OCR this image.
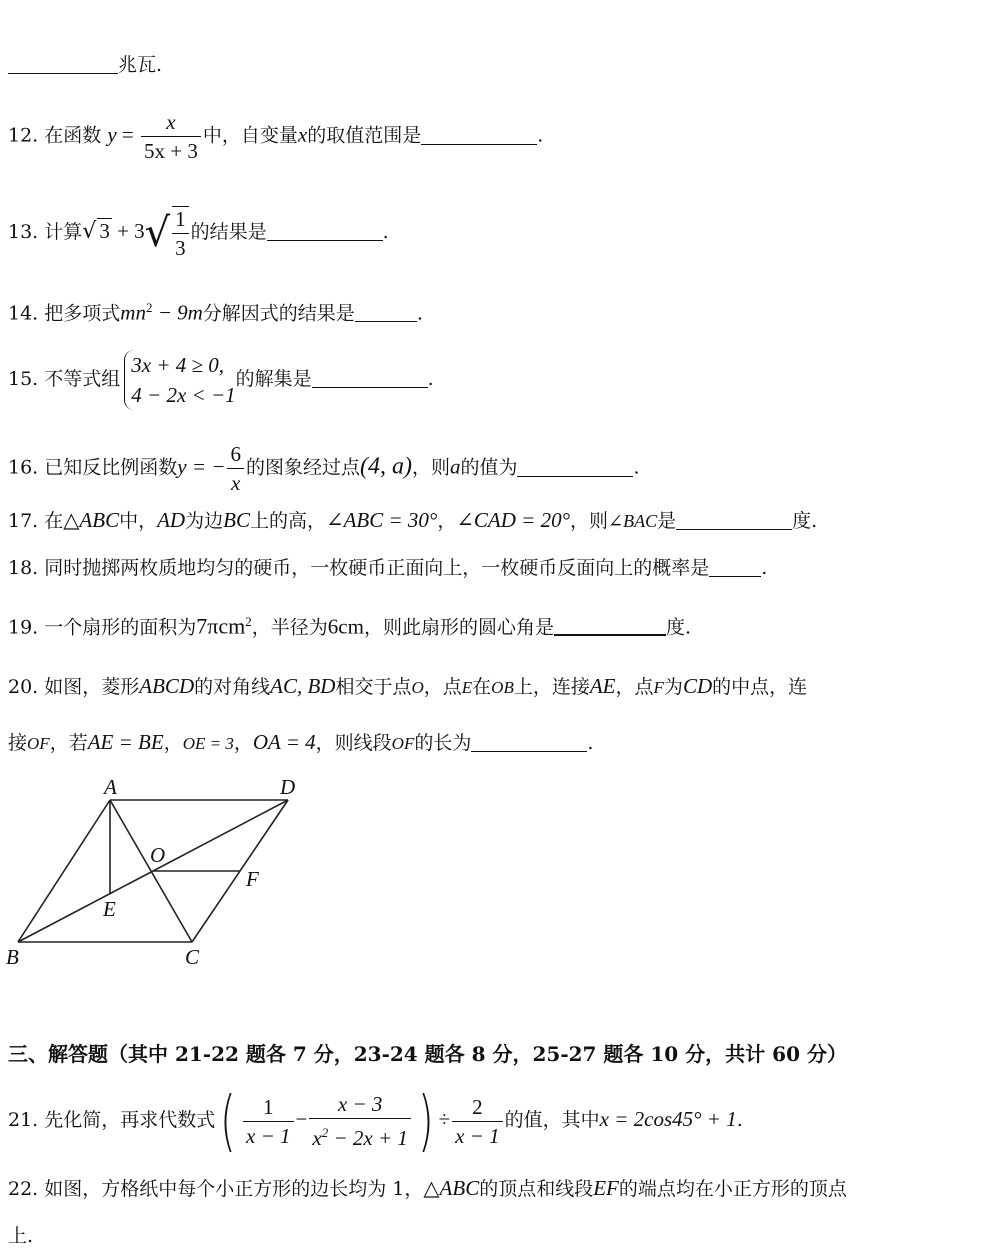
兆瓦.
12. 在函数 $y = \frac{x}{5x + 3}$ 中，自变量x的取值范围是	.
13. 计算√ $3 + 3√ \frac{1}{3}$ 的结果是	.
14. 把多项式$mn^2 - 9m$分解因式的结果是	.
15. 不等式组
3x + 4 ≥ 0,
4 − 2x < −1
的解集是	.
16. 已知反比例函数y = − $\frac{6}{x}$ 的图象经过点(4, a)，则a的值为	.
17. 在△ABC中，AD为边BC上的高，∠ABC = 30°，∠CAD = 20°，则∠BAC是	度.
18. 同时抛掷两枚质地均匀的硬币，一枚硬币正面向上，一枚硬币反面向上的概率是	.
19. 一个扇形的面积为7πcm$^2$，半径为6cm，则此扇形的圆心角是	度.
20. 如图，菱形ABCD的对角线AC, BD相交于点O，点E在OB上，连接AE，点F为CD的中点，连
接OF，若AE = BE，OE = 3，OA = 4，则线段OF的长为	.
A	D
O
F
E
B	C
三、解答题（其中 21-22 题各 7 分，23-24 题各 8 分，25-27 题各 10 分，共计 60 分）
21. 先化简，再求代数式( $\frac{1}{x - 1} - \frac{x - 3}{x^2 - 2x + 1}$ ) ÷ $\frac{2}{x - 1}$ 的值，其中x = 2cos45° + 1.
22. 如图，方格纸中每个小正方形的边长均为 1，△ABC的顶点和线段EF的端点均在小正方形的顶点
上.
